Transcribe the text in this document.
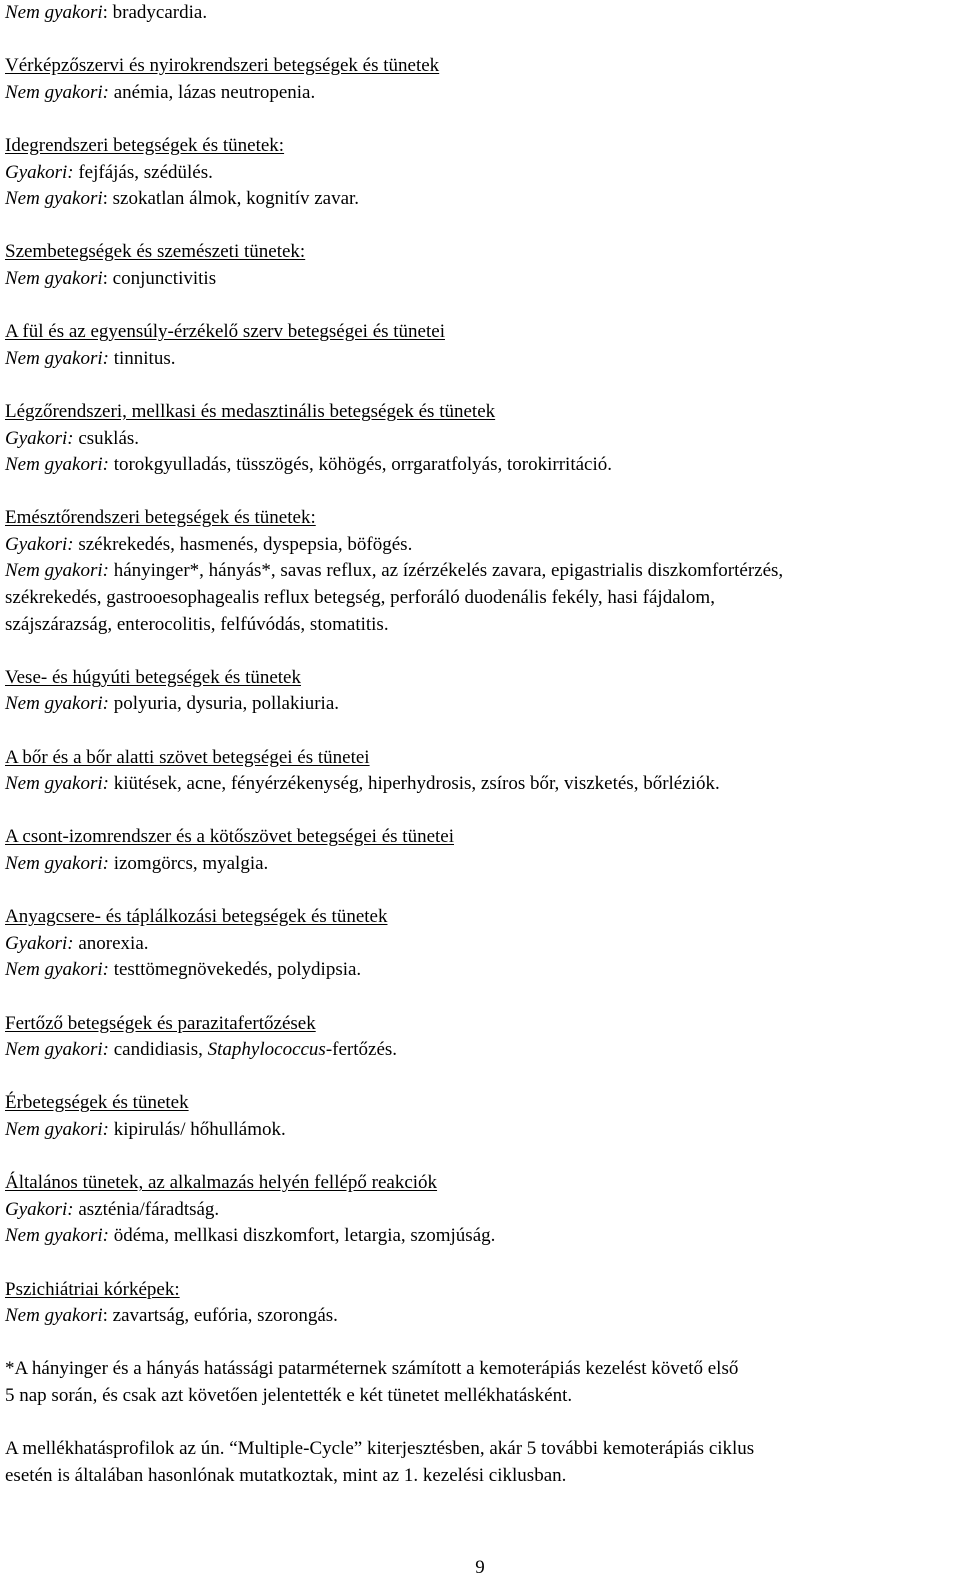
Nem gyakori: bradycardia.
Vérképzőszervi és nyirokrendszeri betegségek és tünetek
Nem gyakori: anémia, lázas neutropenia.
Idegrendszeri betegségek és tünetek:
Gyakori: fejfájás, szédülés.
Nem gyakori: szokatlan álmok, kognitív zavar.
Szembetegségek és szemészeti tünetek:
Nem gyakori: conjunctivitis
A fül és az egyensúly-érzékelő szerv betegségei és tünetei
Nem gyakori: tinnitus.
Légzőrendszeri, mellkasi és medasztinális betegségek és tünetek
Gyakori: csuklás.
Nem gyakori: torokgyulladás, tüsszögés, köhögés, orrgaratfolyás, torokirritáció.
Emésztőrendszeri betegségek és tünetek:
Gyakori: székrekedés, hasmenés, dyspepsia, böfögés.
Nem gyakori: hányinger*, hányás*, savas reflux, az ízérzékelés zavara, epigastrialis diszkomfortérzés,
székrekedés, gastrooesophagealis reflux betegség, perforáló duodenális fekély, hasi fájdalom,
szájszárazság, enterocolitis, felfúvódás, stomatitis.
Vese- és húgyúti betegségek és tünetek
Nem gyakori: polyuria, dysuria, pollakiuria.
A bőr és a bőr alatti szövet betegségei és tünetei
Nem gyakori: kiütések, acne, fényérzékenység, hiperhydrosis, zsíros bőr, viszketés, bőrléziók.
A csont-izomrendszer és a kötőszövet betegségei és tünetei
Nem gyakori: izomgörcs, myalgia.
Anyagcsere- és táplálkozási betegségek és tünetek
Gyakori: anorexia.
Nem gyakori: testtömegnövekedés, polydipsia.
Fertőző betegségek és parazitafertőzések
Nem gyakori: candidiasis, Staphylococcus-fertőzés.
Érbetegségek és tünetek
Nem gyakori: kipirulás/ hőhullámok.
Általános tünetek, az alkalmazás helyén fellépő reakciók
Gyakori: aszténia/fáradtság.
Nem gyakori: ödéma, mellkasi diszkomfort, letargia, szomjúság.
Pszichiátriai kórképek:
Nem gyakori: zavartság, eufória, szorongás.
*A hányinger és a hányás hatássági patarméternek számított a kemoterápiás kezelést követő első
5 nap során, és csak azt követően jelentették e két tünetet mellékhatásként.
A mellékhatásprofilok az ún. “Multiple-Cycle” kiterjesztésben, akár 5 további kemoterápiás ciklus
esetén is általában hasonlónak mutatkoztak, mint az 1. kezelési ciklusban.
9
